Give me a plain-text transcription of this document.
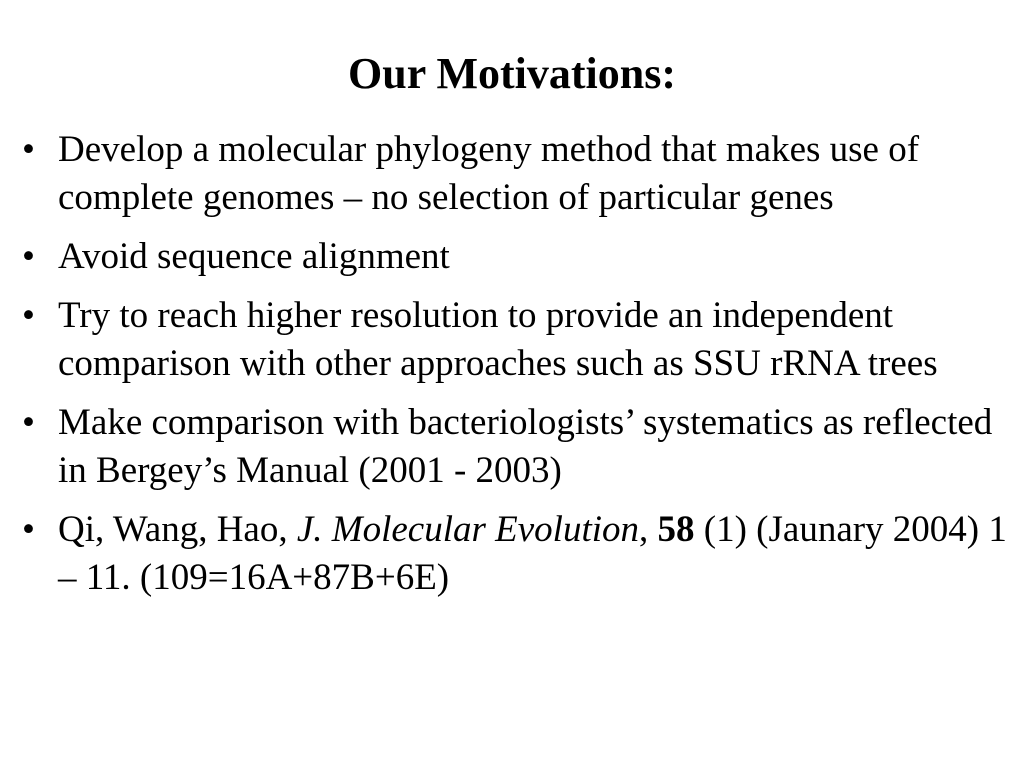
Our Motivations:
• Develop a molecular phylogeny method that makes use of complete genomes – no selection of particular genes
• Avoid sequence alignment
• Try to reach higher resolution to provide an independent comparison with other approaches such as SSU rRNA trees
• Make comparison with bacteriologists’ systematics as reflected in Bergey’s Manual (2001 - 2003)
• Qi, Wang, Hao, J. Molecular Evolution, 58 (1) (Jaunary 2004) 1 – 11. (109=16A+87B+6E)
